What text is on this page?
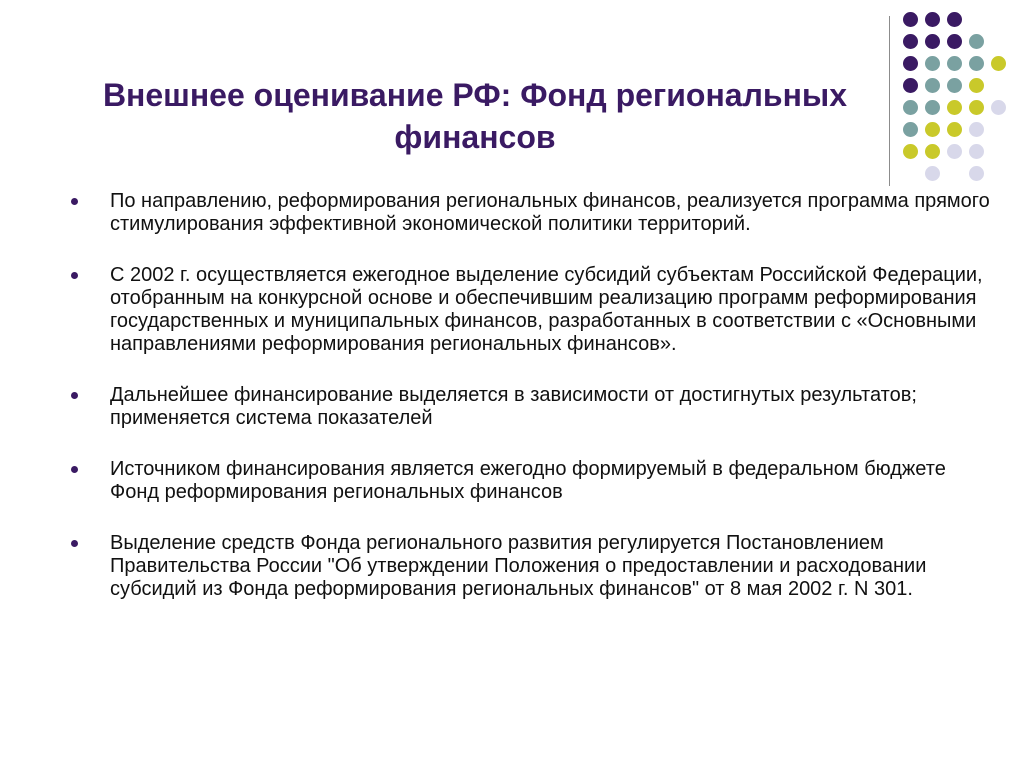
Внешнее оценивание РФ: Фонд региональных финансов
По направлению, реформирования региональных финансов, реализуется программа прямого стимулирования эффективной экономической политики территорий.
С 2002 г. осуществляется ежегодное выделение субсидий субъектам Российской Федерации, отобранным на конкурсной основе и обеспечившим реализацию программ реформирования государственных и муниципальных финансов, разработанных в соответствии с «Основными направлениями реформирования региональных финансов».
Дальнейшее финансирование выделяется в зависимости от достигнутых результатов; применяется система показателей
Источником финансирования является ежегодно формируемый в федеральном бюджете Фонд реформирования региональных финансов
Выделение средств Фонда регионального развития регулируется Постановлением Правительства России "Об утверждении Положения о предоставлении и расходовании субсидий из Фонда реформирования региональных финансов" от 8 мая 2002 г. N 301.
